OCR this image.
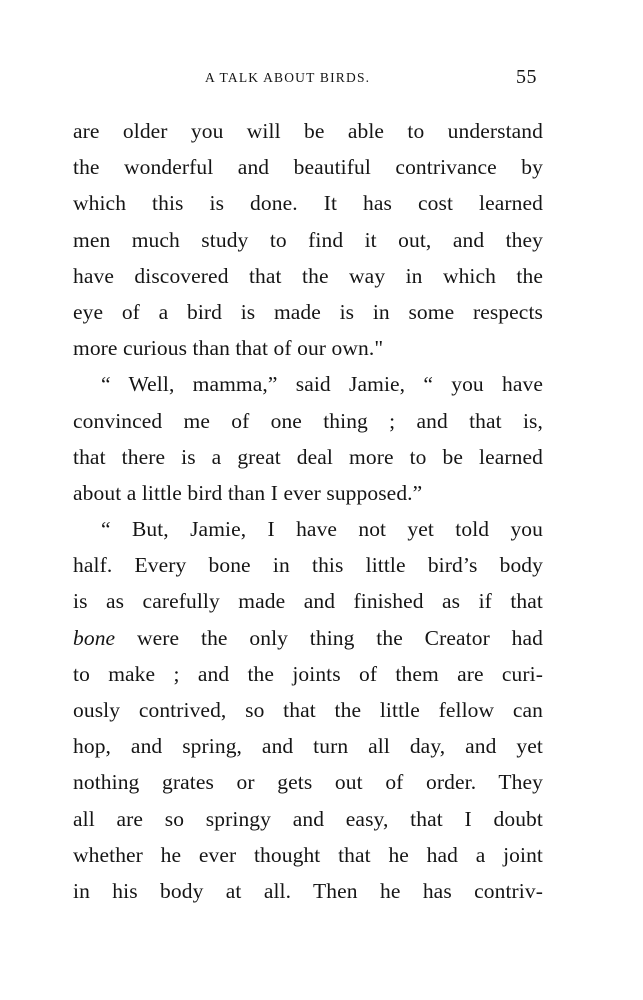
A TALK ABOUT BIRDS.	55
are older you will be able to understand
the wonderful and beautiful contrivance by
which this is done. It has cost learned
men much study to find it out, and they
have discovered that the way in which the
eye of a bird is made is in some respects
more curious than that of our own."
“ Well, mamma,” said Jamie, “ you have
convinced me of one thing ; and that is,
that there is a great deal more to be learned
about a little bird than I ever supposed.”
“ But, Jamie, I have not yet told you
half. Every bone in this little bird’s body
is as carefully made and finished as if that
bone were the only thing the Creator had
to make ; and the joints of them are curi-
ously contrived, so that the little fellow can
hop, and spring, and turn all day, and yet
nothing grates or gets out of order. They
all are so springy and easy, that I doubt
whether he ever thought that he had a joint
in his body at all. Then he has contriv-
